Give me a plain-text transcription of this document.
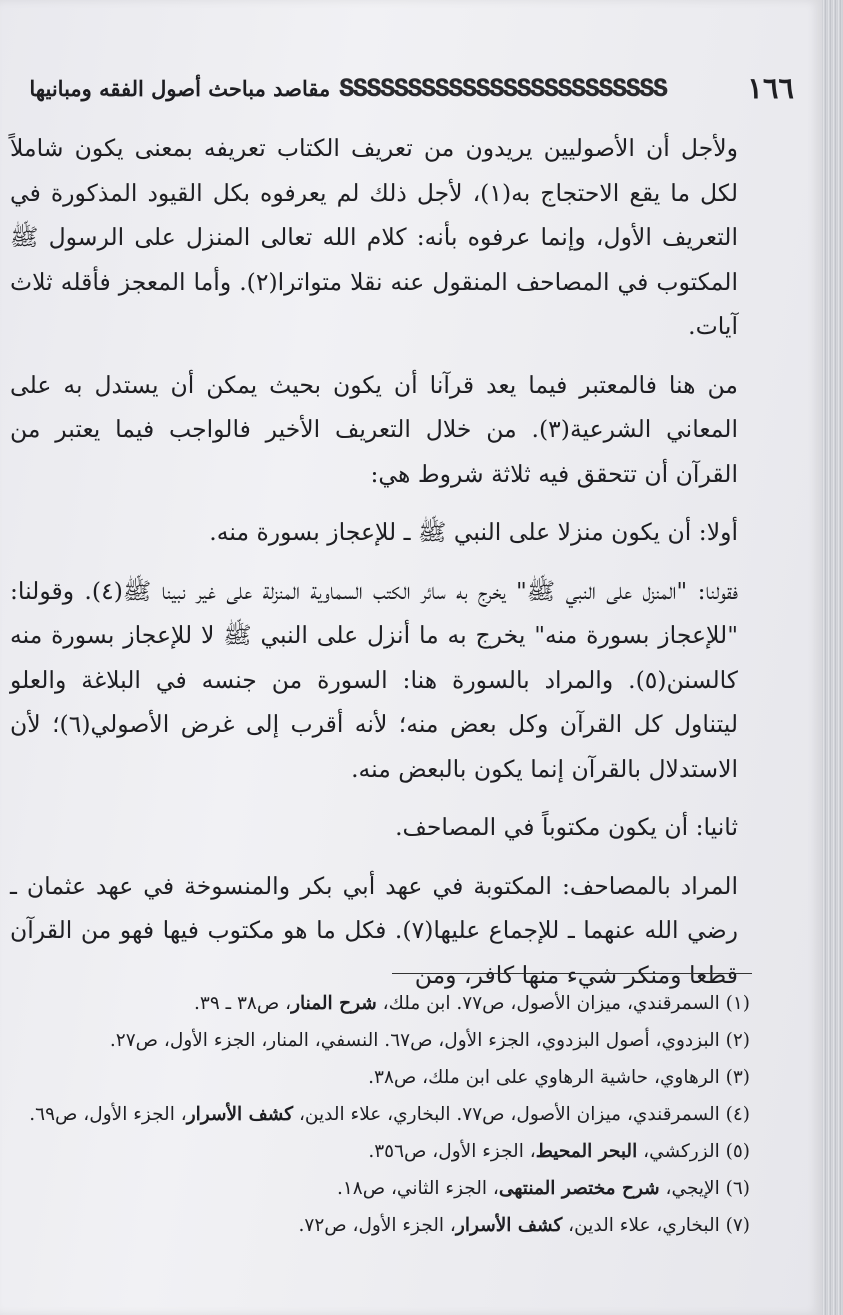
١٦٦
ՏՏՏՏՏՏՏՏՏՏՏՏՏՏՏՏՏՏՏՏՏՏՏՏ
مقاصد مباحث أصول الفقه ومبانيها

ولأجل أن الأصوليين يريدون من تعريف الكتاب تعريفه بمعنى يكون شاملاً لكل ما يقع الاحتجاج به(١)، لأجل ذلك لم يعرفوه بكل القيود المذكورة في التعريف الأول، وإنما عرفوه بأنه: كلام الله تعالى المنزل على الرسول ﷺ المكتوب في المصاحف المنقول عنه نقلا متواترا(٢). وأما المعجز فأقله ثلاث آيات.

من هنا فالمعتبر فيما يعد قرآنا أن يكون بحيث يمكن أن يستدل به على المعاني الشرعية(٣). من خلال التعريف الأخير فالواجب فيما يعتبر من القرآن أن تتحقق فيه ثلاثة شروط هي:

أولا: أن يكون منزلا على النبي ﷺ ـ للإعجاز بسورة منه.

فقولنا: "المنزل على النبي ﷺ" يخرج به سائر الكتب السماوية المنزلة على غير نبينا ﷺ(٤). وقولنا: "للإعجاز بسورة منه" يخرج به ما أنزل على النبي ﷺ لا للإعجاز بسورة منه كالسنن(٥). والمراد بالسورة هنا: السورة من جنسه في البلاغة والعلو ليتناول كل القرآن وكل بعض منه؛ لأنه أقرب إلى غرض الأصولي(٦)؛ لأن الاستدلال بالقرآن إنما يكون بالبعض منه.

ثانيا: أن يكون مكتوباً في المصاحف.

المراد بالمصاحف: المكتوبة في عهد أبي بكر والمنسوخة في عهد عثمان ـ رضي الله عنهما ـ للإجماع عليها(٧). فكل ما هو مكتوب فيها فهو من القرآن قطعا ومنكر شيء منها كافر، ومن

(١) السمرقندي، ميزان الأصول، ص٧٧. ابن ملك، شرح المنار، ص٣٨ ـ ٣٩.
(٢) البزدوي، أصول البزدوي، الجزء الأول، ص٦٧. النسفي، المنار، الجزء الأول، ص٢٧.
(٣) الرهاوي، حاشية الرهاوي على ابن ملك، ص٣٨.
(٤) السمرقندي، ميزان الأصول، ص٧٧. البخاري، علاء الدين، كشف الأسرار، الجزء الأول، ص٦٩.
(٥) الزركشي، البحر المحيط، الجزء الأول، ص٣٥٦.
(٦) الإيجي، شرح مختصر المنتهى، الجزء الثاني، ص١٨.
(٧) البخاري، علاء الدين، كشف الأسرار، الجزء الأول، ص٧٢.
